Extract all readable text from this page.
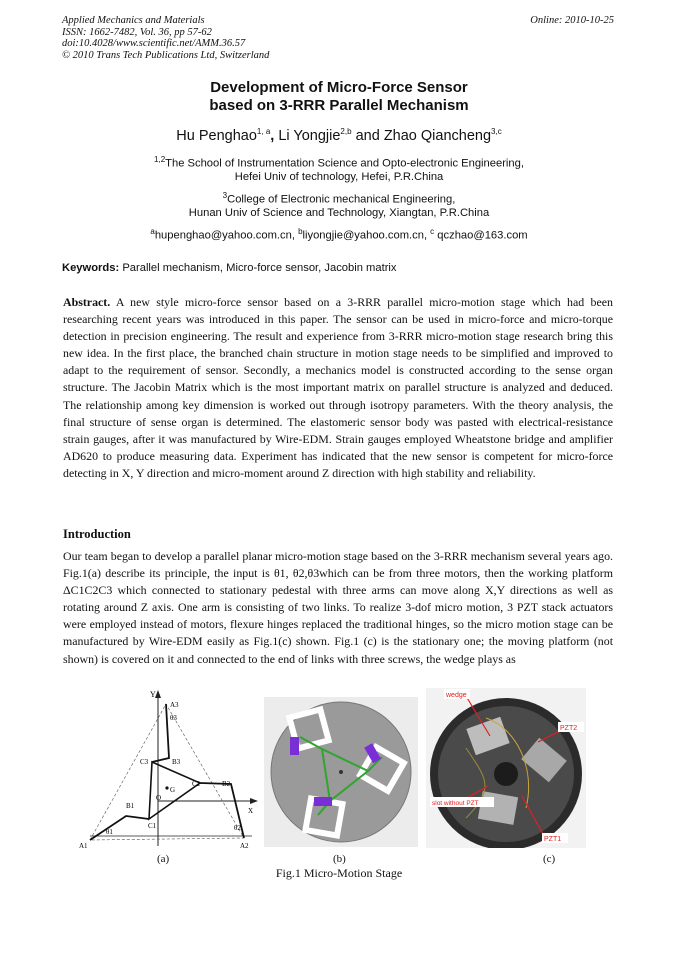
Applied Mechanics and Materials
ISSN: 1662-7482, Vol. 36, pp 57-62
doi:10.4028/www.scientific.net/AMM.36.57
© 2010 Trans Tech Publications Ltd, Switzerland
Online: 2010-10-25
Development of Micro-Force Sensor
based on 3-RRR Parallel Mechanism
Hu Penghao$^{1, a}$, Li Yongjie$^{2,b}$ and Zhao Qiancheng$^{3,c}$
$^{1,2}$The School of Instrumentation Science and Opto-electronic Engineering,
Hefei Univ of technology, Hefei, P.R.China
$^3$College of Electronic mechanical Engineering,
Hunan Univ of Science and Technology, Xiangtan, P.R.China
$^a$hupenghao@yahoo.com.cn, $^b$liyongjie@yahoo.com.cn, $^c$ qczhao@163.com
Keywords: Parallel mechanism, Micro-force sensor, Jacobin matrix
Abstract. A new style micro-force sensor based on a 3-RRR parallel micro-motion stage which had been researching recent years was introduced in this paper. The sensor can be used in micro-force and micro-torque detection in precision engineering. The result and experience from 3-RRR micro-motion stage research bring this new idea. In the first place, the branched chain structure in motion stage needs to be simplified and improved to adapt to the requirement of sensor. Secondly, a mechanics model is constructed according to the sense organ structure. The Jacobin Matrix which is the most important matrix on parallel structure is analyzed and deduced. The relationship among key dimension is worked out through isotropy parameters. With the theory analysis, the final structure of sense organ is determined. The elastomeric sensor body was pasted with electrical-resistance strain gauges, after it was manufactured by Wire-EDM. Strain gauges employed Wheatstone bridge and amplifier AD620 to produce measuring data. Experiment has indicated that the new sensor is competent for micro-force detecting in X, Y direction and micro-moment around Z direction with high stability and reliability.
Introduction
Our team began to develop a parallel planar micro-motion stage based on the 3-RRR mechanism several years ago. Fig.1(a) describe its principle, the input is θ1, θ2,θ3which can be from three motors, then the working platform ΔC1C2C3 which connected to stationary pedestal with three arms can move along X,Y directions as well as rotating around Z axis. One arm is consisting of two links. To realize 3-dof micro motion, 3 PZT stack actuators were employed instead of motors, flexure hinges replaced the traditional hinges, so the micro motion stage can be manufactured by Wire-EDM easily as Fig.1(c) shown. Fig.1 (c) is the stationary one; the moving platform (not shown) is covered on it and connected to the end of links with three screws, the wedge plays as
Y
A3
θ3
B3
C3
C2	B2
G
O
X
B1
C1
θ1	θ2
A1	A2
wedge
PZT2
slot without PZT
PZT1
(a)	(b)	(c)
Fig.1 Micro-Motion Stage
